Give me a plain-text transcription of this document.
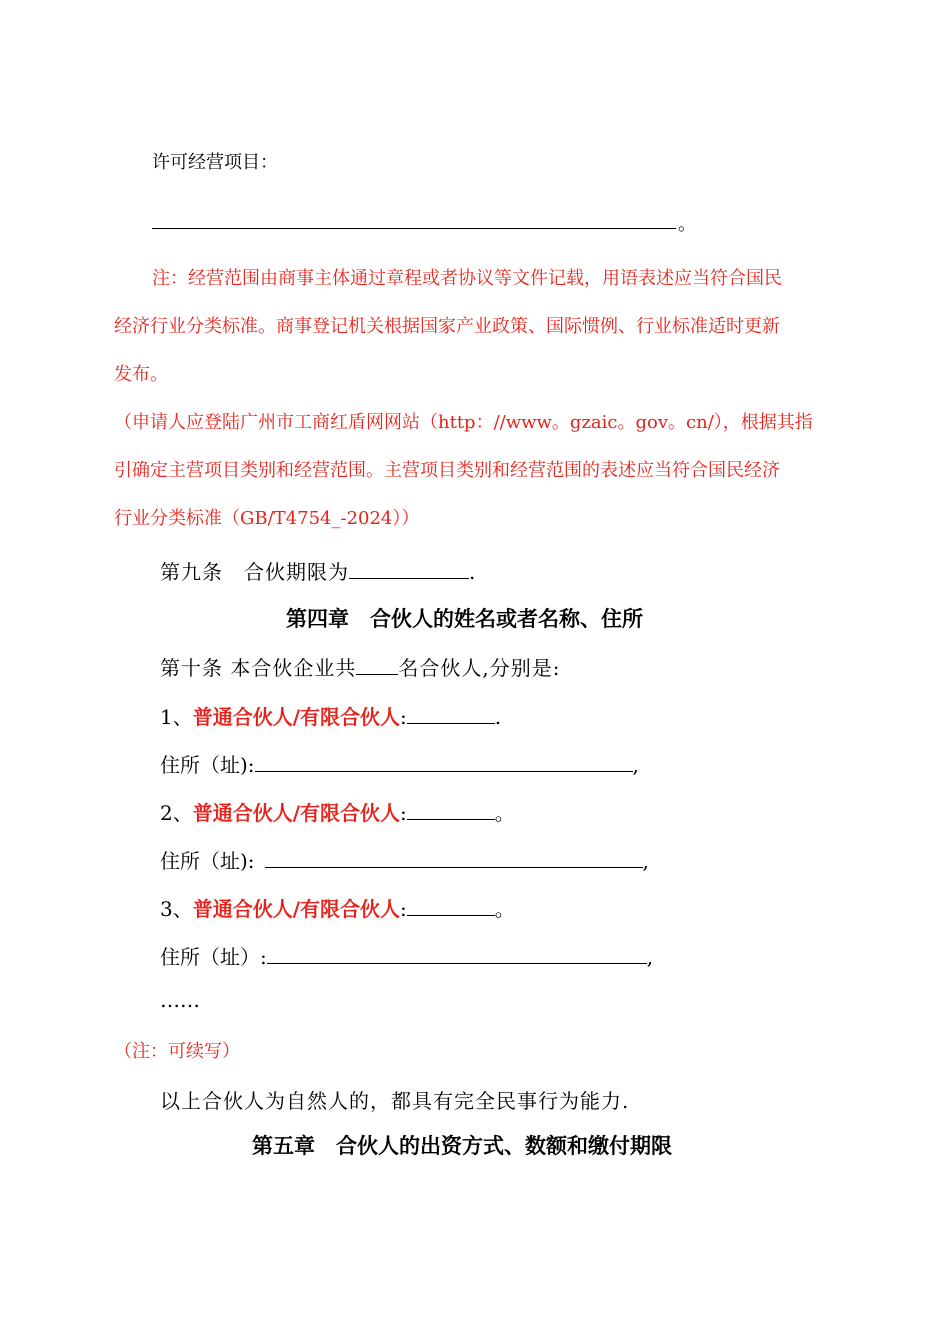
许可经营项目：
。
注：经营范围由商事主体通过章程或者协议等文件记载，用语表述应当符合国民
经济行业分类标准。商事登记机关根据国家产业政策、国际惯例、行业标准适时更新
发布。
（申请人应登陆广州市工商红盾网网站（http：//www。gzaic。gov。cn/），根据其指
引确定主营项目类别和经营范围。主营项目类别和经营范围的表述应当符合国民经济
行业分类标准（GB/T4754_-2024））
第九条　合伙期限为	.
第四章　合伙人的姓名或者名称、住所
第十条 本合伙企业共 名合伙人,分别是:
1、普通合伙人/有限合伙人:	.
住所（址):	,
2、普通合伙人/有限合伙人:	。
住所（址):	,
3、普通合伙人/有限合伙人:	。
住所（址）:	,
……
（注：可续写）
以上合伙人为自然人的，都具有完全民事行为能力.
第五章　合伙人的出资方式、数额和缴付期限
